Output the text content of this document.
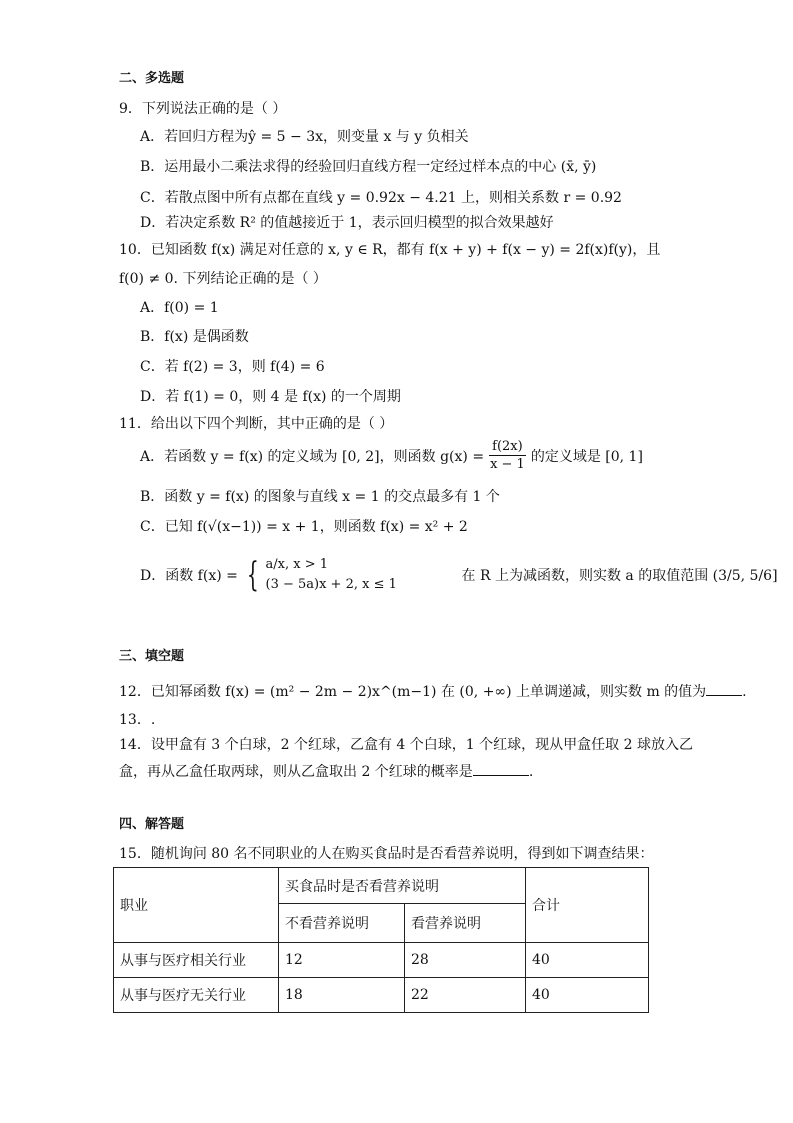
二、多选题
9．下列说法正确的是（ ）
A．若回归方程为ŷ = 5 − 3x，则变量 x 与 y 负相关
B．运用最小二乘法求得的经验回归直线方程一定经过样本点的中心 (x̄, ȳ)
C．若散点图中所有点都在直线 y = 0.92x − 4.21 上，则相关系数 r = 0.92
D．若决定系数 R² 的值越接近于 1，表示回归模型的拟合效果越好
10．已知函数 f(x) 满足对任意的 x, y ∈ R，都有 f(x + y) + f(x − y) = 2f(x)f(y)，且
f(0) ≠ 0. 下列结论正确的是（ ）
A．f(0) = 1
B．f(x) 是偶函数
C．若 f(2) = 3，则 f(4) = 6
D．若 f(1) = 0，则 4 是 f(x) 的一个周期
11．给出以下四个判断，其中正确的是（ ）
A．若函数 y = f(x) 的定义域为 [0, 2]，则函数 $g(x) = \frac{f(2x)}{x - 1}$ 的定义域是 [0, 1]
B．函数 y = f(x) 的图象与直线 x = 1 的交点最多有 1 个
C．已知 f(√(x−1)) = x + 1，则函数 f(x) = x² + 2
D．函数 f(x) = { a/x, x > 1
(3 − 5a)x + 2, x ≤ 1
在 R 上为减函数，则实数 a 的取值范围 (3/5, 5/6]
三、填空题
12．已知幂函数 f(x) = (m² − 2m − 2)x^(m−1) 在 (0, +∞) 上单调递减，则实数 m 的值为	.
13．.
14．设甲盒有 3 个白球，2 个红球，乙盒有 4 个白球，1 个红球，现从甲盒任取 2 球放入乙
盒，再从乙盒任取两球，则从乙盒取出 2 个红球的概率是	.
四、解答题
15．随机询问 80 名不同职业的人在购买食品时是否看营养说明，得到如下调查结果：
职业	买食品时是否看营养说明		合计
	不看营养说明	看营养说明	
从事与医疗相关行业	12	28	40
从事与医疗无关行业	18	22	40
